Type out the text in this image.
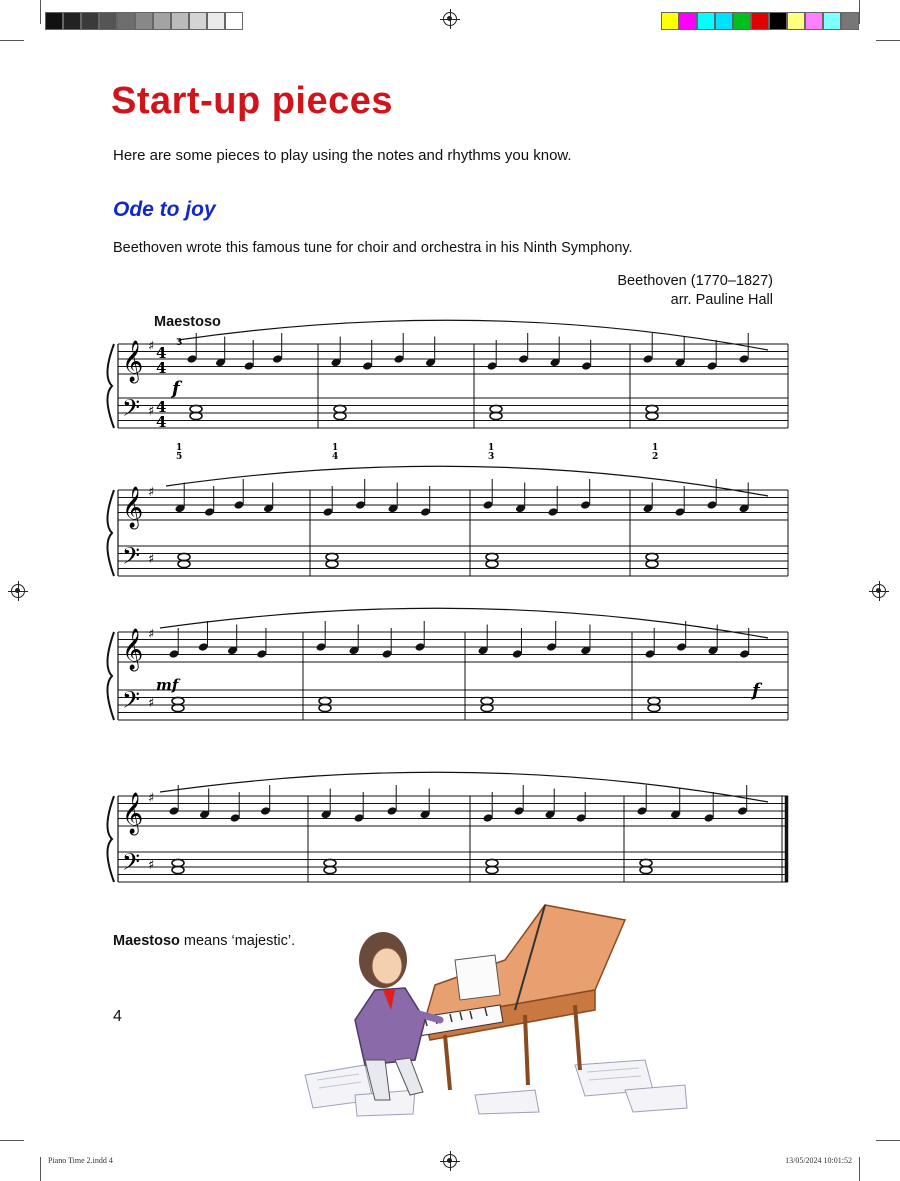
Start-up pieces
Here are some pieces to play using the notes and rhythms you know.
Ode to joy
Beethoven wrote this famous tune for choir and orchestra in his Ninth Symphony.
Beethoven (1770–1827)
arr. Pauline Hall
Maestoso
𝄞
𝄢
♯
♯
4
4
4
4
𝄞
𝄢
♯
♯
𝄞
𝄢
♯
♯
𝄞
𝄢
♯
♯
f
mf	f
3
1
5
1
4
1
3
1
2
Maestoso means ‘majestic’.
4
Piano Time 2.indd 4	13/05/2024 10:01:52
